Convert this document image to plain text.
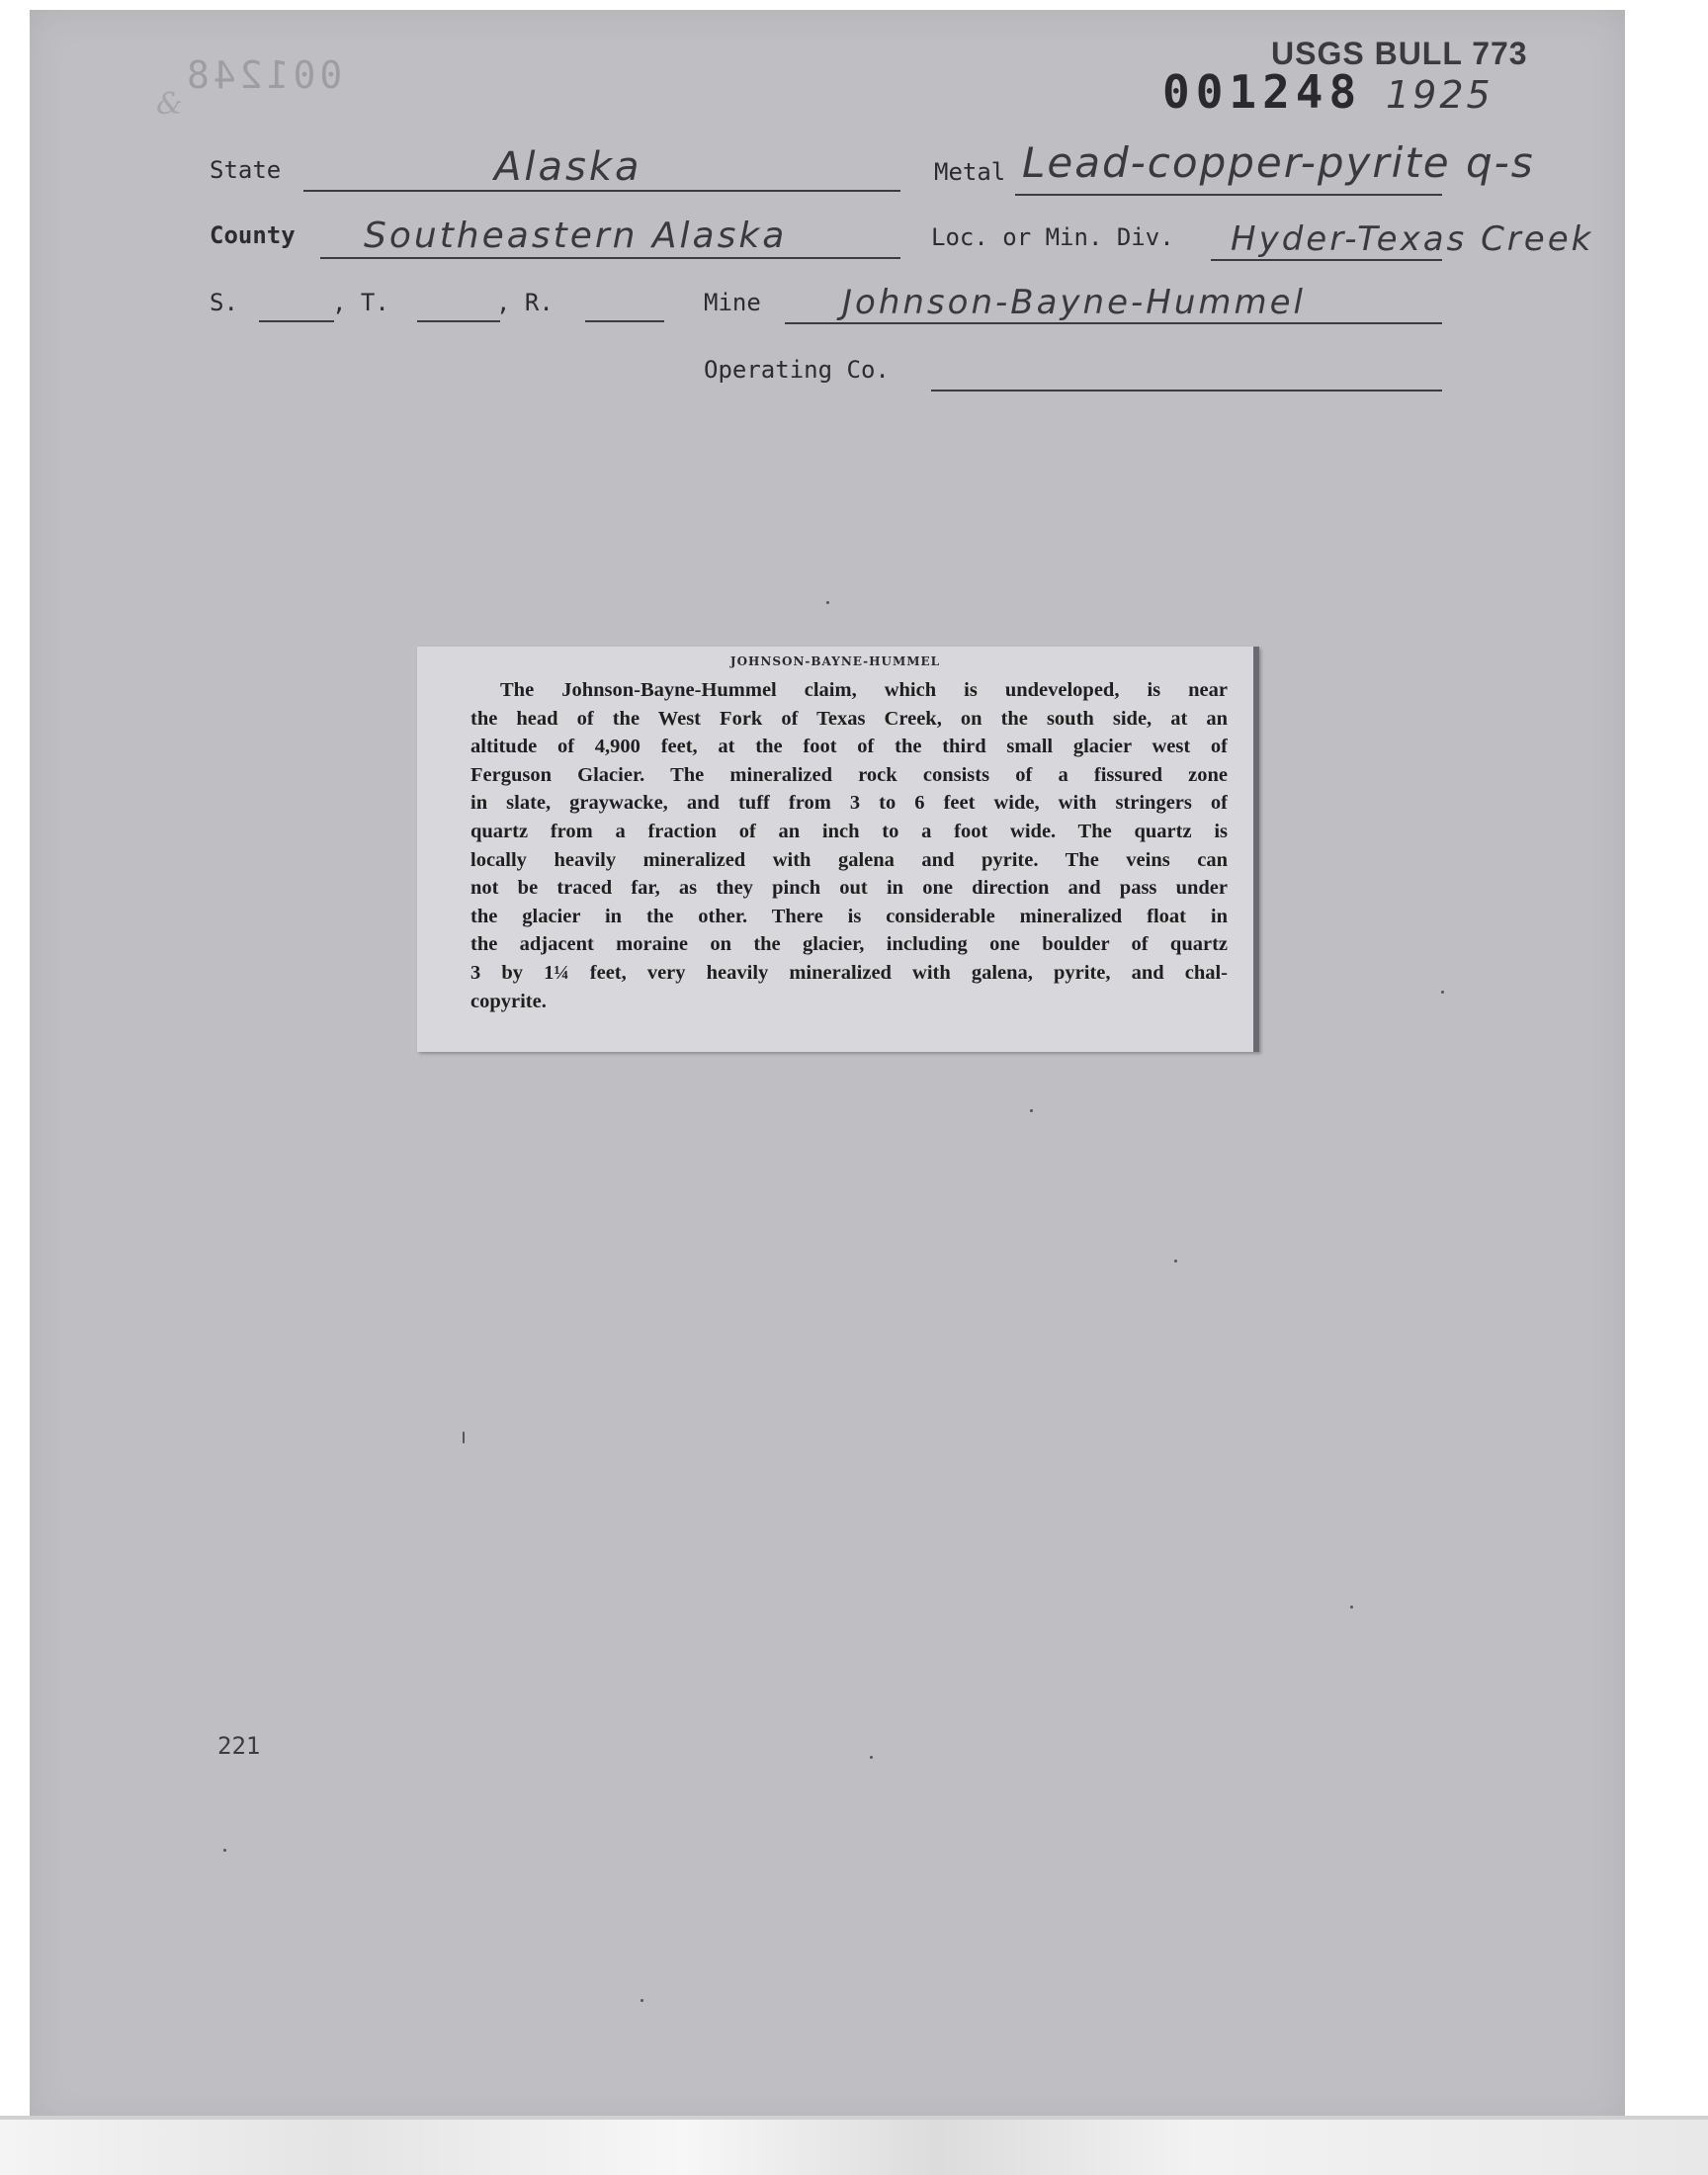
001248
&
USGS BULL 773
001248 1925
State	Alaska	Metal Lead-copper-pyrite q-s
County Southeastern Alaska	Loc. or Min. Div. Hyder-Texas Creek
S.	, T.	, R.	Mine Johnson-Bayne-Hummel
Operating Co.
JOHNSON-BAYNE-HUMMEL
The Johnson-Bayne-Hummel claim, which is undeveloped, is near
the head of the West Fork of Texas Creek, on the south side, at an
altitude of 4,900 feet, at the foot of the third small glacier west of
Ferguson Glacier. The mineralized rock consists of a fissured zone
in slate, graywacke, and tuff from 3 to 6 feet wide, with stringers of
quartz from a fraction of an inch to a foot wide. The quartz is
locally heavily mineralized with galena and pyrite. The veins can
not be traced far, as they pinch out in one direction and pass under
the glacier in the other. There is considerable mineralized float in
the adjacent moraine on the glacier, including one boulder of quartz
3 by 1¼ feet, very heavily mineralized with galena, pyrite, and chal-
copyrite.
221
